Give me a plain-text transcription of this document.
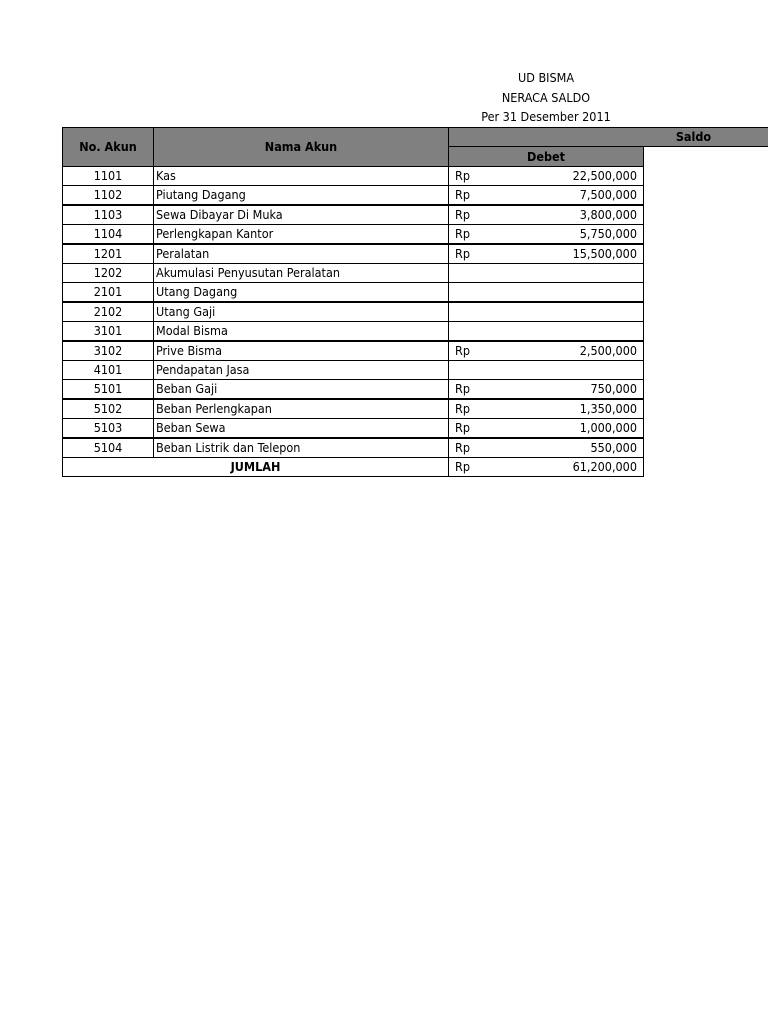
UD BISMA
NERACA SALDO
Per 31 Desember 2011
No. Akun	Nama Akun
Saldo
Debet
1101	Kas	Rp	22,500,000
1102	Piutang Dagang	Rp	7,500,000
1103	Sewa Dibayar Di Muka	Rp	3,800,000
1104	Perlengkapan Kantor	Rp	5,750,000
1201	Peralatan	Rp	15,500,000
1202	Akumulasi Penyusutan Peralatan
2101	Utang Dagang
2102	Utang Gaji
3101	Modal Bisma
3102	Prive Bisma	Rp	2,500,000
4101	Pendapatan Jasa
5101	Beban Gaji	Rp	750,000
5102	Beban Perlengkapan	Rp	1,350,000
5103	Beban Sewa	Rp	1,000,000
5104	Beban Listrik dan Telepon	Rp	550,000
JUMLAH	Rp	61,200,000
